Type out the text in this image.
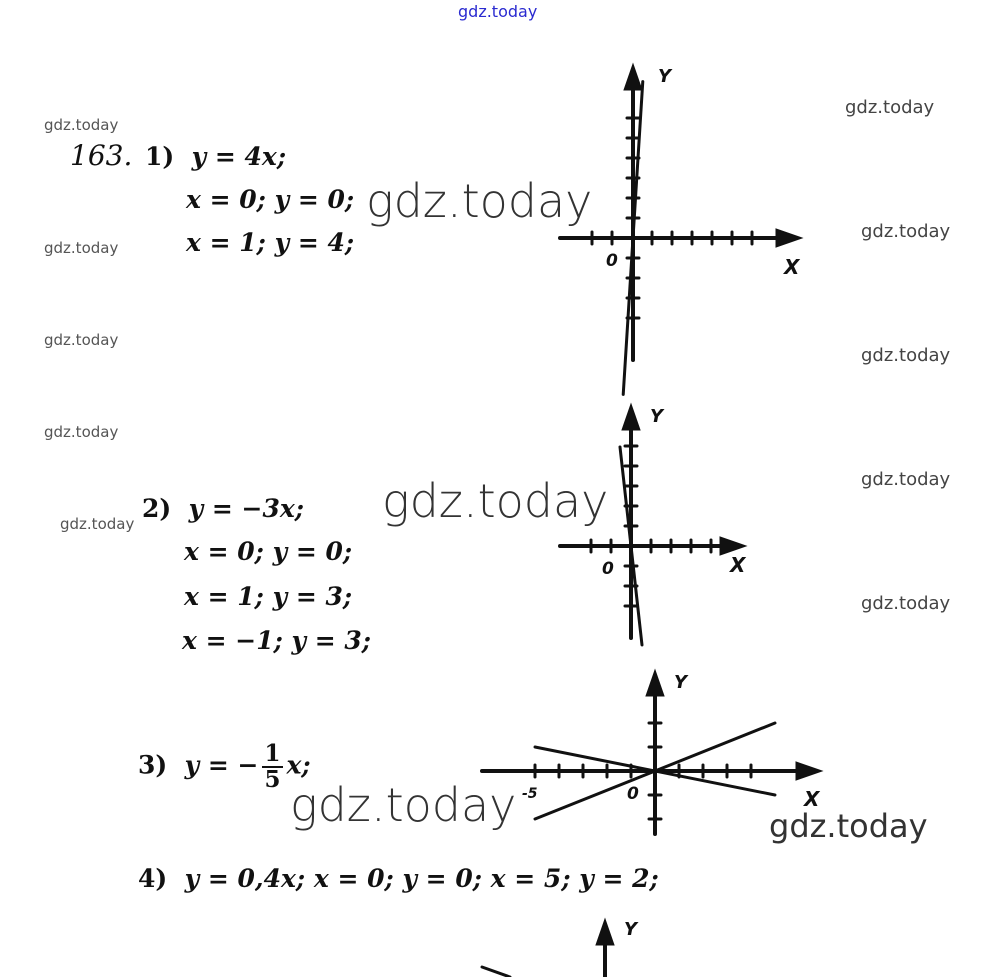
gdz.today
gdz.today
gdz.today
gdz.today
gdz.today
gdz.today
gdz.today
gdz.today
gdz.today
gdz.today
gdz.today
gdz.today
gdz.today
gdz.today	gdz.today
163. 1) y = 4x;
x = 0; y = 0;
x = 1; y = 4;
2) y = −3x;
x = 0; y = 0;
x = 1; y = 3;
x = −1; y = 3;
3) y = − $\frac{1}{5} x$;
4) y = 0,4x; x = 0; y = 0; x = 5; y = 2;
Y
X
0
Y
X
0
Y
X
0
-5
Y
